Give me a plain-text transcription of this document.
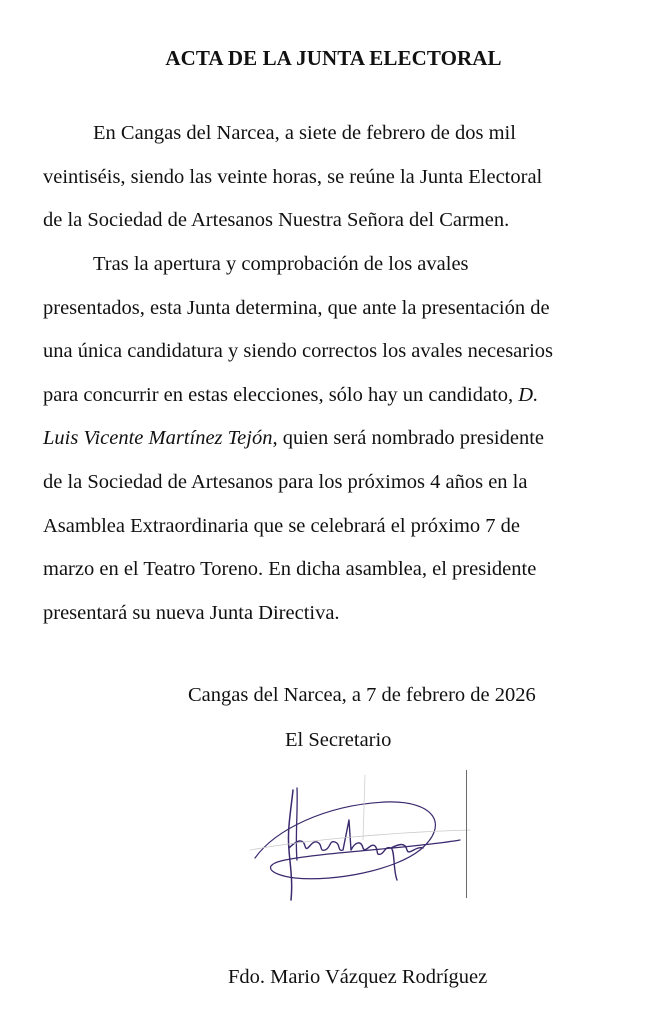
ACTA DE LA JUNTA ELECTORAL
En Cangas del Narcea, a siete de febrero de dos mil
veintiséis, siendo las veinte horas, se reúne la Junta Electoral
de la Sociedad de Artesanos Nuestra Señora del Carmen.
Tras la apertura y comprobación de los avales
presentados, esta Junta determina, que ante la presentación de
una única candidatura y siendo correctos los avales necesarios
para concurrir en estas elecciones, sólo hay un candidato, D.
Luis Vicente Martínez Tejón, quien será nombrado presidente
de la Sociedad de Artesanos para los próximos 4 años en la
Asamblea Extraordinaria que se celebrará el próximo 7 de
marzo en el Teatro Toreno. En dicha asamblea, el presidente
presentará su nueva Junta Directiva.
Cangas del Narcea, a 7 de febrero de 2026
El Secretario
Fdo. Mario Vázquez Rodríguez
